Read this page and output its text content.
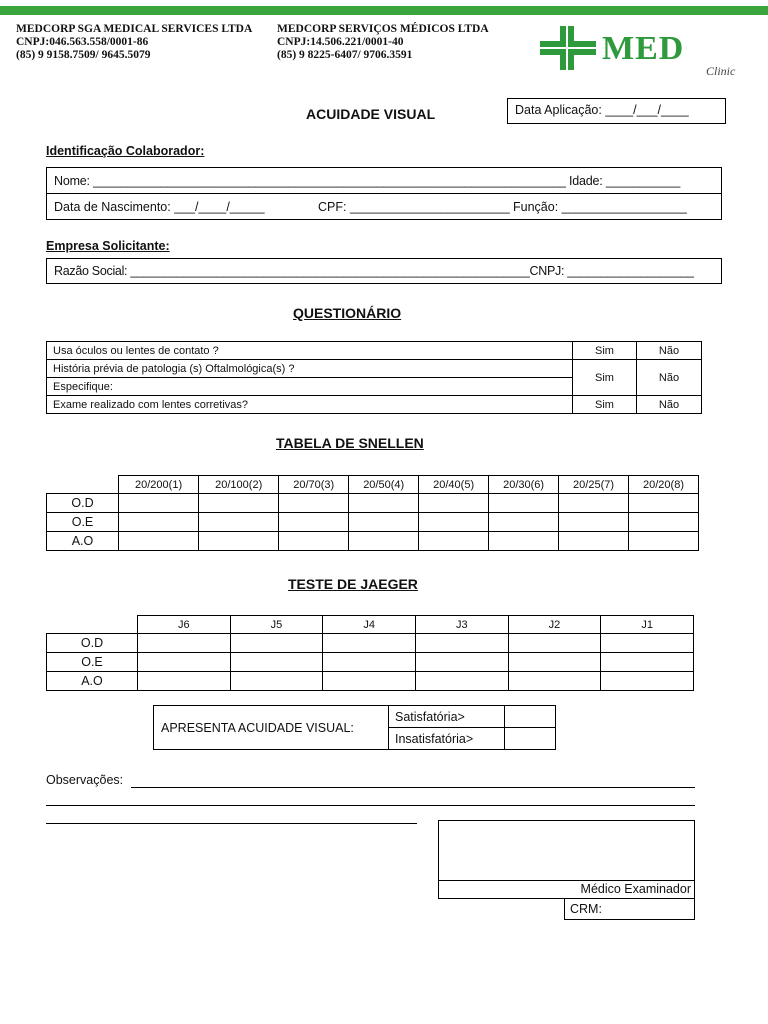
MEDCORP SGA MEDICAL SERVICES LTDA
CNPJ:046.563.558/0001-86
(85) 9 9158.7509/ 9645.5079
MEDCORP SERVIÇOS MÉDICOS LTDA
CNPJ:14.506.221/0001-40
(85) 9 8225-6407/ 9706.3591	MED
Clinic
ACUIDADE VISUAL	Data Aplicação: ____/___/____
Identificação Colaborador:
Nome: ______________________________________________________________________ Idade: ___________
Data de Nascimento: ___/____/_____	CPF: _______________________ Função: __________________
Empresa Solicitante:
Razão Social: ____________________________________________________________CNPJ: ___________________
QUESTIONÁRIO
Usa óculos ou lentes de contato ?	Sim	Não
História prévia de patologia (s) Oftalmológica(s) ?	Sim	Não
Especifique:		
Exame realizado com lentes corretivas?	Sim	Não
TABELA DE SNELLEN
	20/200(1)	20/100(2)	20/70(3)	20/50(4)	20/40(5)	20/30(6)	20/25(7)	20/20(8)
O.D								
O.E								
A.O								
TESTE DE JAEGER
	J6	J5	J4	J3	J2	J1
O.D						
O.E						
A.O						
APRESENTA ACUIDADE VISUAL:	Satisfatória>	
	Insatisfatória>	
Observações:
Médico Examinador
CRM:
